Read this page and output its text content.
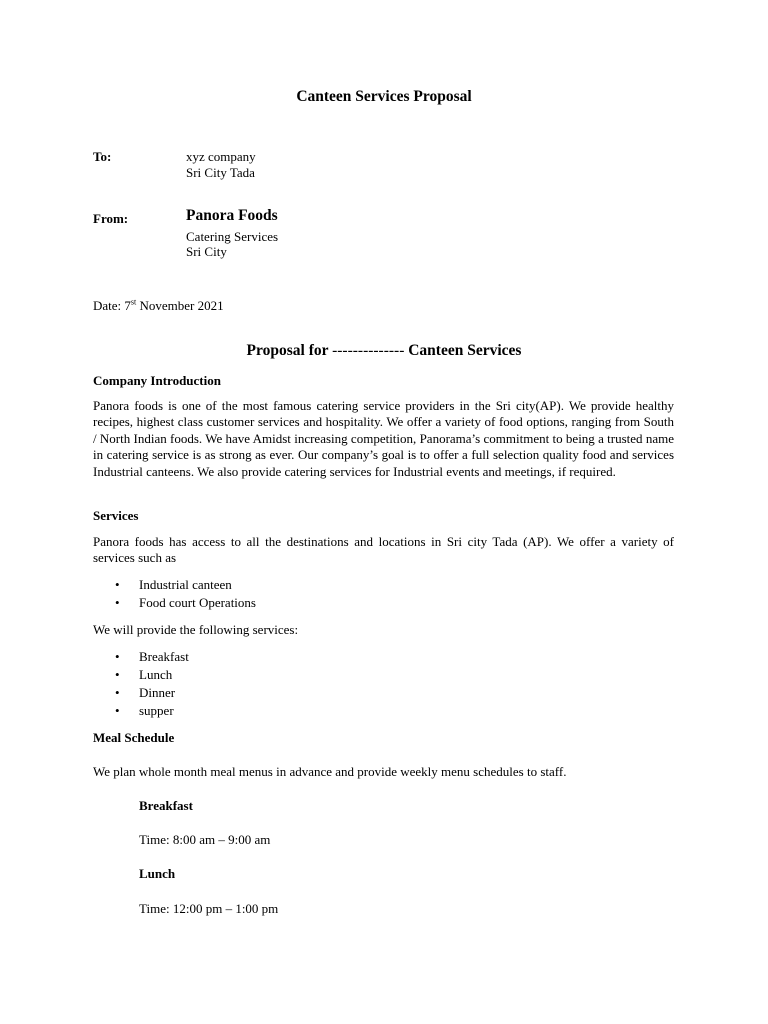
Canteen Services Proposal
To:	xyz company
Sri City Tada
From:	Panora Foods
Catering Services
Sri City
Date: 7st November 2021
Proposal for -------------- Canteen Services
Company Introduction
Panora foods is one of the most famous catering service providers in the Sri city(AP). We provide healthy recipes, highest class customer services and hospitality. We offer a variety of food options, ranging from South / North Indian foods. We have Amidst increasing competition, Panorama’s commitment to being a trusted name in catering service is as strong as ever. Our company’s goal is to offer a full selection quality food and services Industrial canteens. We also provide catering services for Industrial events and meetings, if required.
Services
Panora foods has access to all the destinations and locations in Sri city Tada (AP). We offer a variety of services such as
• Industrial canteen
• Food court Operations
We will provide the following services:
• Breakfast
• Lunch
• Dinner
• supper
Meal Schedule
We plan whole month meal menus in advance and provide weekly menu schedules to staff.
Breakfast
Time: 8:00 am – 9:00 am
Lunch
Time: 12:00 pm – 1:00 pm
